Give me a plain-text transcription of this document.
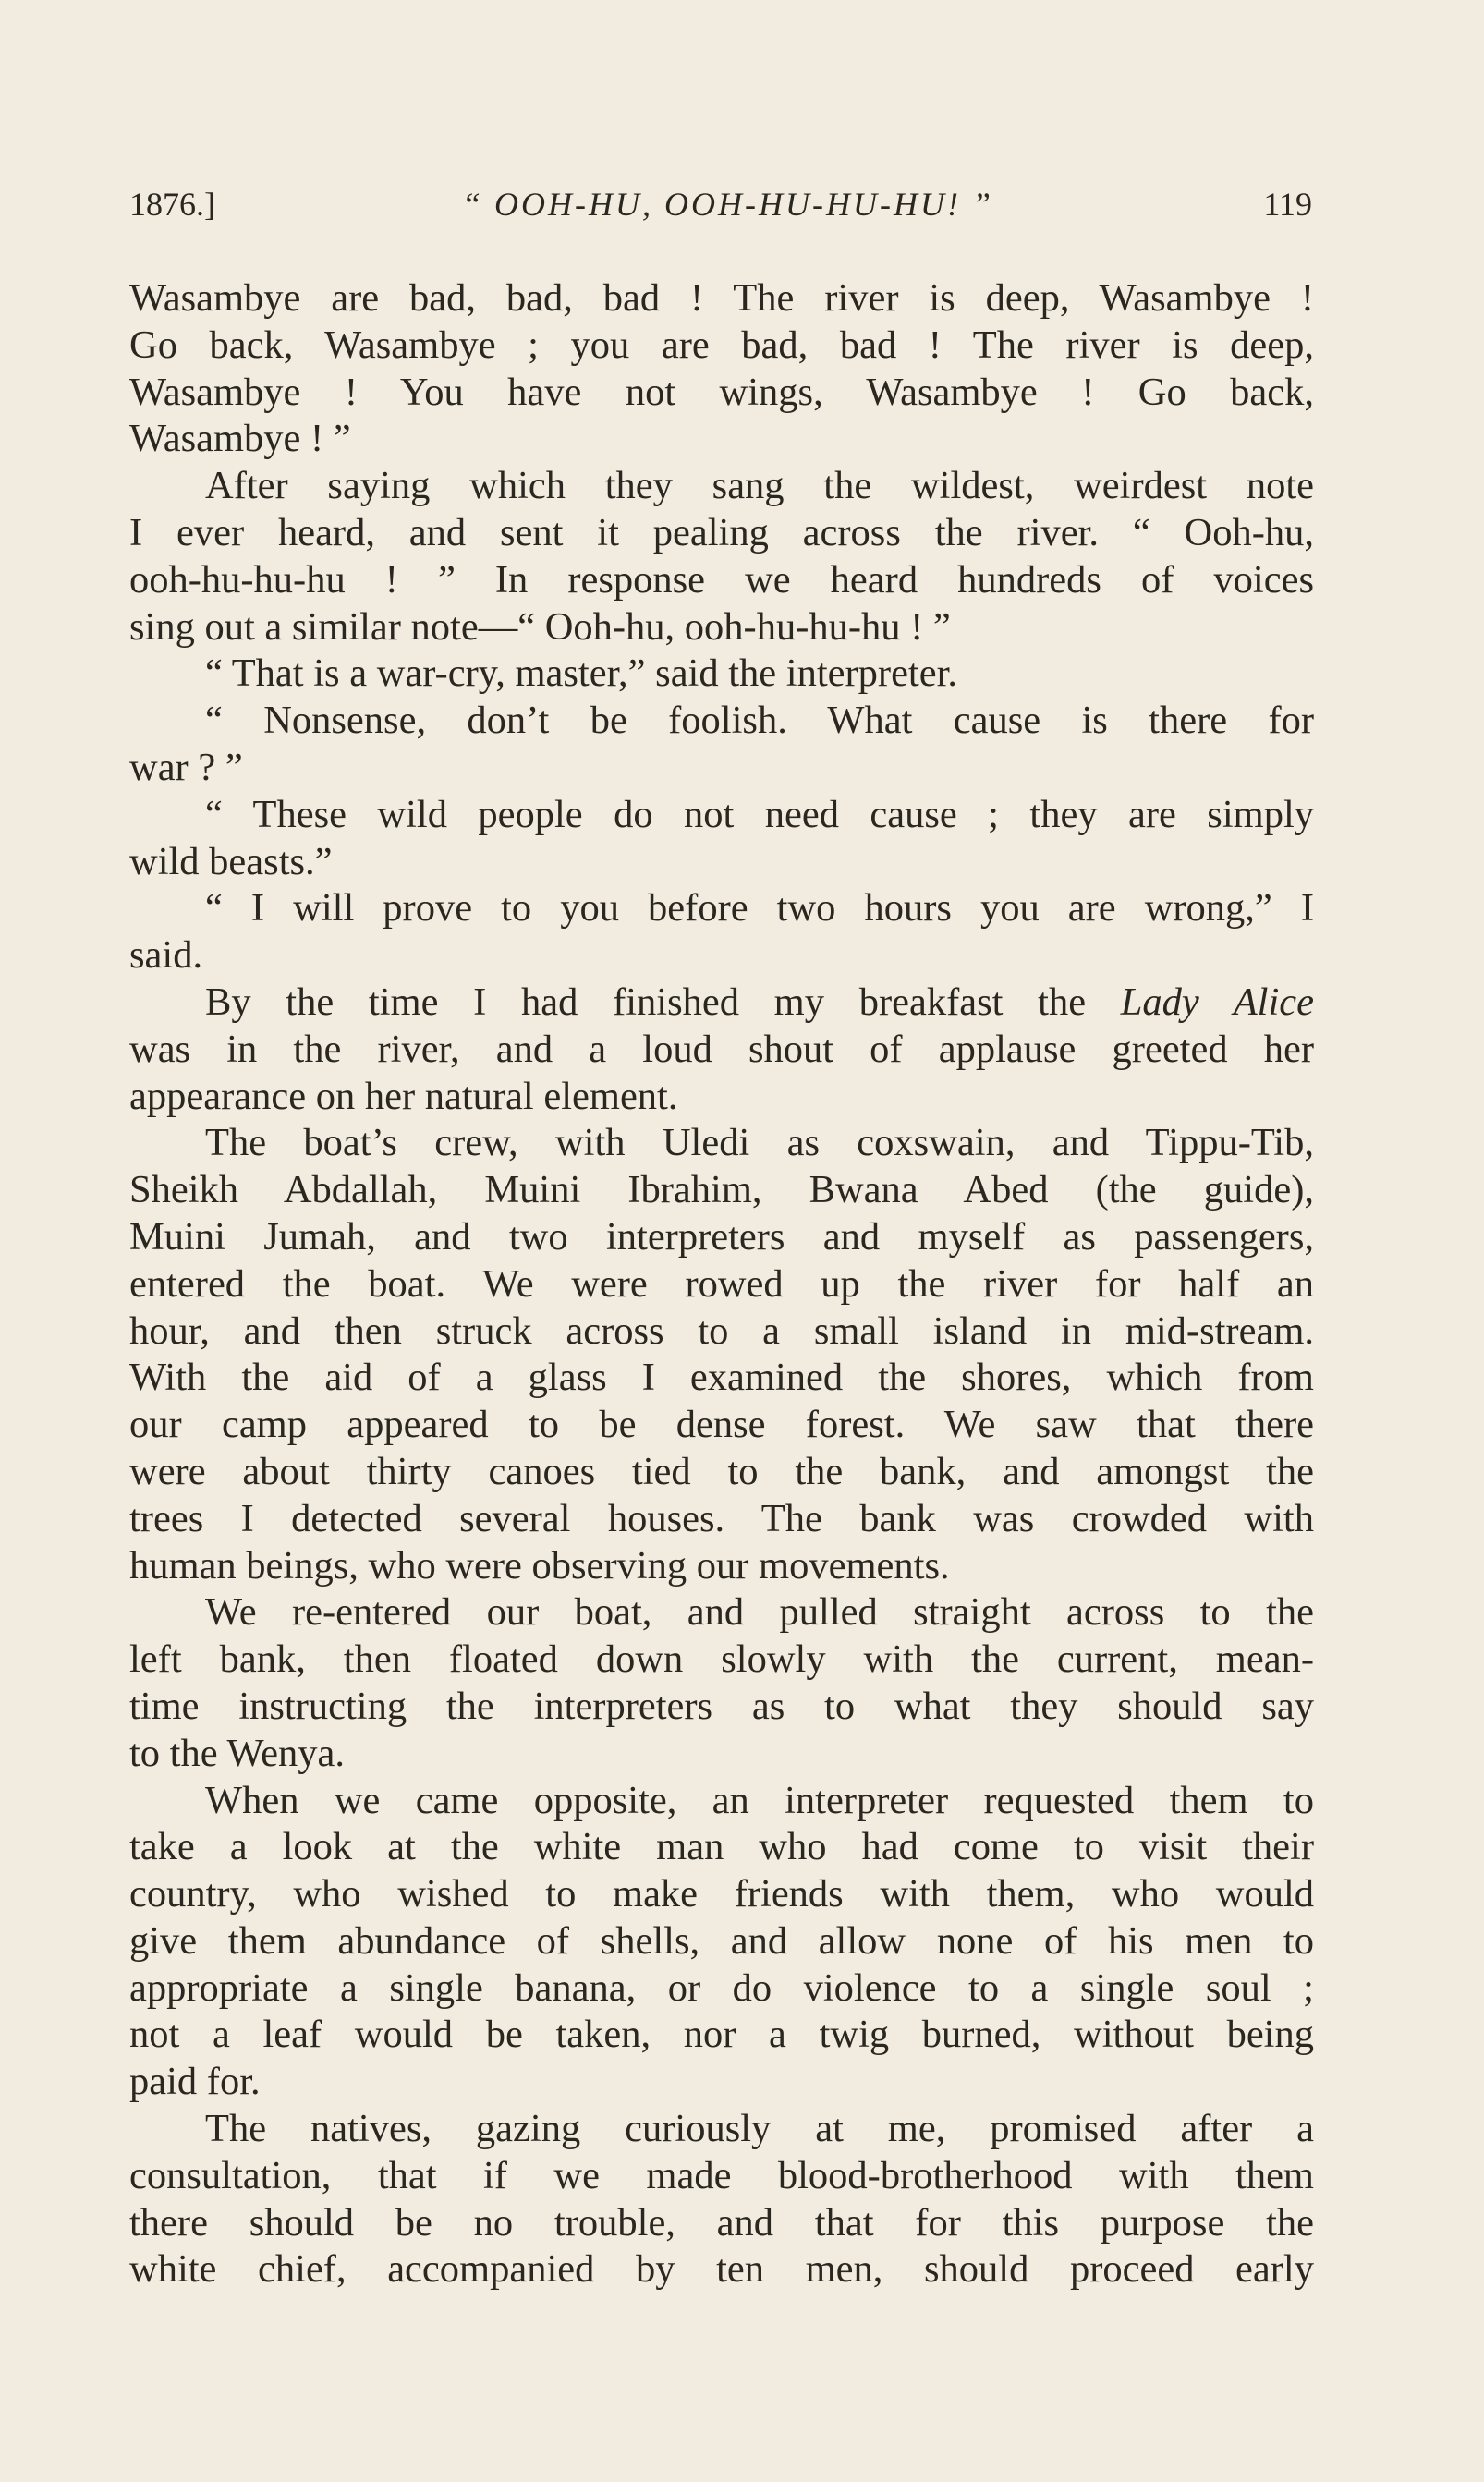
1876.]	“ OOH-HU, OOH-HU-HU-HU! ”	119
Wasambye are bad, bad, bad ! The river is deep, Wasambye !
Go back, Wasambye ; you are bad, bad ! The river is deep,
Wasambye ! You have not wings, Wasambye ! Go back,
Wasambye ! ”
After saying which they sang the wildest, weirdest note
I ever heard, and sent it pealing across the river. “ Ooh-hu,
ooh-hu-hu-hu ! ” In response we heard hundreds of voices
sing out a similar note—“ Ooh-hu, ooh-hu-hu-hu ! ”
“ That is a war-cry, master,” said the interpreter.
“ Nonsense, don’t be foolish. What cause is there for
war ? ”
“ These wild people do not need cause ; they are simply
wild beasts.”
“ I will prove to you before two hours you are wrong,” I
said.
By the time I had finished my breakfast the Lady Alice
was in the river, and a loud shout of applause greeted her
appearance on her natural element.
The boat’s crew, with Uledi as coxswain, and Tippu-Tib,
Sheikh Abdallah, Muini Ibrahim, Bwana Abed (the guide),
Muini Jumah, and two interpreters and myself as passengers,
entered the boat. We were rowed up the river for half an
hour, and then struck across to a small island in mid-stream.
With the aid of a glass I examined the shores, which from
our camp appeared to be dense forest. We saw that there
were about thirty canoes tied to the bank, and amongst the
trees I detected several houses. The bank was crowded with
human beings, who were observing our movements.
We re-entered our boat, and pulled straight across to the
left bank, then floated down slowly with the current, mean-
time instructing the interpreters as to what they should say
to the Wenya.
When we came opposite, an interpreter requested them to
take a look at the white man who had come to visit their
country, who wished to make friends with them, who would
give them abundance of shells, and allow none of his men to
appropriate a single banana, or do violence to a single soul ;
not a leaf would be taken, nor a twig burned, without being
paid for.
The natives, gazing curiously at me, promised after a
consultation, that if we made blood-brotherhood with them
there should be no trouble, and that for this purpose the
white chief, accompanied by ten men, should proceed early
